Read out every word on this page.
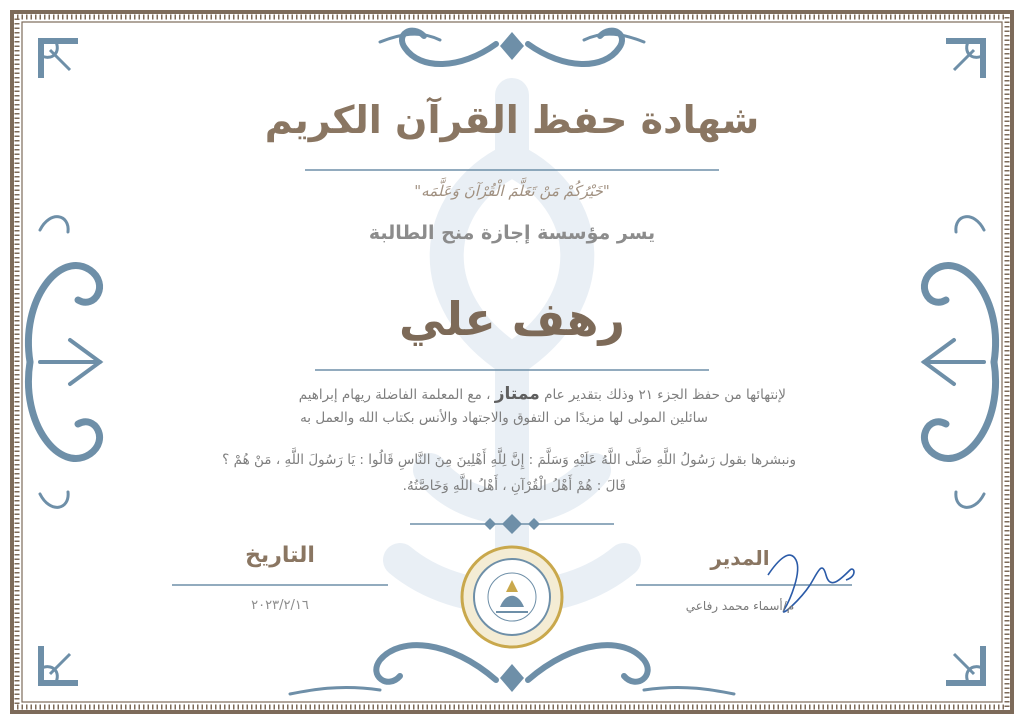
شهادة حفظ القرآن الكريم
"خَيْرُكُمْ مَنْ تَعَلَّمَ الْقُرْآنَ وَعَلَّمَه"
يسر مؤسسة إجازة منح الطالبة
رهف علي
لإنتهائها من حفظ الجزء ٢١ وذلك بتقدير عام ممتاز ، مع المعلمة الفاضلة ريهام إبراهيم
سائلين المولى لها مزيدًا من التفوق والاجتهاد والأنس بكتاب الله والعمل به
ونبشرها بقول رَسُولُ اللَّهِ صَلَّى اللَّهُ عَلَيْهِ وَسَلَّمَ : إِنَّ لِلَّهِ أَهْلِينَ مِنَ النَّاسِ قَالُوا : يَا رَسُولَ اللَّهِ ، مَنْ هُمْ ؟
قَالَ : هُمْ أَهْلُ الْقُرْآنِ ، أَهْلُ اللَّهِ وَخَاصَّتُهُ.
التاريخ
٢٠٢٣/٢/١٦
المدير
م/أسماء محمد رفاعي
